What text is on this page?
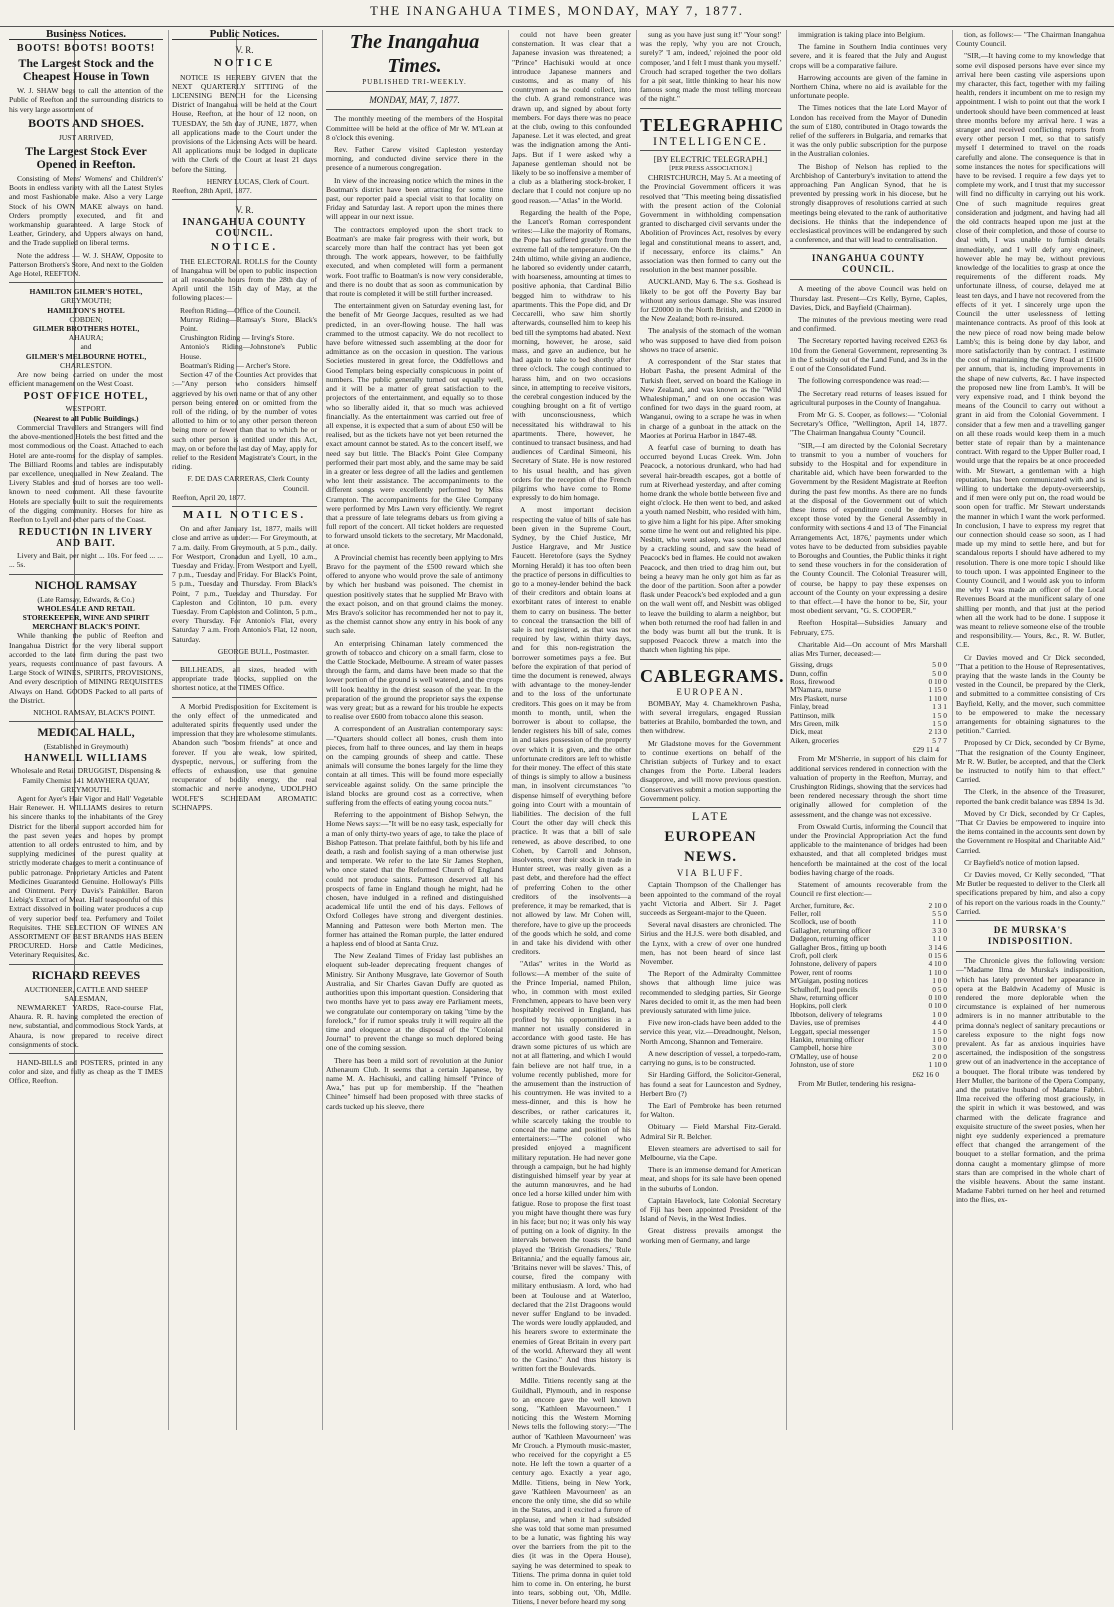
THE INANGAHUA TIMES, MONDAY, MAY 7, 1877.
Business Notices.
BOOTS! BOOTS! BOOTS!
The Largest Stock and the Cheapest House in Town

W. J. SHAW begs to call the attention of the Public of Reefton and the surrounding districts to his very large assortment of

BOOTS AND SHOES.
JUST ARRIVED,
The Largest Stock Ever Opened in Reefton.

Consisting of Mens' Womens' and Children's' Boots in endless variety with all the Latest Styles and most Fashionable make. Also a very Large Stock of his OWN MAKE always on hand. Orders promptly executed, and fit and workmanship guaranteed. A large Stock of Leather, Grindery, and Uppers always on hand, and the Trade supplied on liberal terms.

Note the address — W. J. SHAW, Opposite to Patterson Brothers's Store, And next to the Golden Age Hotel, REEFTON.

HAMILTON GILMER'S HOTEL,
GREYMOUTH;
HAMILTON'S HOTEL
COBDEN;
GILMER BROTHERS HOTEL,
AHAURA;
and
GILMER'S MELBOURNE HOTEL,
CHARLESTON.

Are now being carried on under the most efficient management on the West Coast.

POST OFFICE HOTEL,
WESTPORT.
(Nearest to all Public Buildings.)

Commercial Travellers and Strangers will find the above-mentioned Hotels the best fitted and the most commodious on the Coast. Attached to each Hotel are ante-rooms for the display of samples. The Billiard Rooms and tables are indisputably par excellence, unequalled in New Zealand. The Livery Stables and stud of horses are too well-known to need comment. All these favourite Hotels are specially built to suit the requirements of the digging community. Horses for hire as Reefton to Lyell and other parts of the Coast.

REDUCTION IN LIVERY AND BAIT.

Livery and Bait, per night ... 10s. For feed ... ... ... 5s.

NICHOL RAMSAY
(Late Ramsay, Edwards, & Co.)
WHOLESALE AND RETAIL STOREKEEPER, WINE AND SPIRIT MERCHANT BLACK'S POINT.

While thanking the public of Reefton and Inangahua District for the very liberal support accorded to the late firm during the past two years, requests continuance of past favours. A Large Stock of WINES, SPIRITS, PROVISIONS, And every description of MINING REQUISITES Always on Hand. GOODS Packed to all parts of the District.

NICHOL RAMSAY, BLACK'S POINT.
MEDICAL HALL,
(Established in Greymouth)
HANWELL WILLIAMS
Wholesale and Retail DRUGGIST, Dispensing & Family Chemist 141 MAWHERA QUAY, GREYMOUTH.

Agent for Ayer's Hair Vigor and Hall' Vegetable Hair Renewer. H. WILLIAMS desires to return his sincere thanks to the inhabitants of the Grey District for the liberal support accorded him for the past seven years and hopes by prompt attention to all orders entrusted to him, and by supplying medicines of the purest quality at strictly moderate charges to merit a continuance of public patronage. Proprietary Articles and Patent Medicines Guaranteed Genuine. Holloway's Pills and Ointment. Perry Davis's Painkiller. Baron Liebig's Extract of Meat. Half teaspoonful of this Extract dissolved in boiling water produces a cup of very superior beef tea. Perfumery and Toilet Requisites. THE SELECTION OF WINES AN ASSORTMENT OF BEST BRANDS HAS BEEN PROCURED. Horse and Cattle Medicines, Veterinary Requisites, &c.

RICHARD REEVES
AUCTIONEER, CATTLE AND SHEEP SALESMAN,

NEWMARKET YARDS, Race-course Flat, Ahaura. R. R. having completed the erection of new, substantial, and commodious Stock Yards, at Ahaura, is now prepared to receive direct consignments of stock.

HAND-BILLS and POSTERS, printed in any color and size, and fully as cheap as the T IMES Office, Reefton.

Public Notices.
V. R.
NOTICE

NOTICE IS HEREBY GIVEN that the NEXT QUARTERLY SITTING of the LICENSING BENCH for the Licensing District of Inangahua will be held at the Court House, Reefton, at the hour of 12 noon, on TUESDAY, the 5th day of JUNE, 1877, when all applications made to the Court under the provisions of the Licensing Acts will be heard. All applications must be lodged in duplicate with the Clerk of the Court at least 21 days before the Sitting.

HENRY LUCAS, Clerk of Court.
Reefton, 28th April, 1877.
V. R.
INANGAHUA COUNTY COUNCIL.
NOTICE.

THE ELECTORAL ROLLS for the County of Inangahua will be open to public inspection at all reasonable hours from the 28th day of April until the 15th day of May, at the following places:—

Reefton Riding—Office of the Council.
Murray Riding—Ramsay's Store, Black's Point.
Crushington Riding — Irving's Store.
Antonio's Riding—Johnstone's Public House.
Boatman's Riding — Archer's Store.

Section 47 of the Counties Act provides that :—"Any person who considers himself aggrieved by his own name or that of any other person being entered on or omitted from the roll of the riding, or by the number of votes allotted to him or to any other person thereon being more or fewer than that to which he or such other person is entitled under this Act, may, on or before the last day of May, apply for relief to the Resident Magistrate's Court, in the riding.

F. DE DAS CARRERAS, Clerk County Council.
Reefton, April 20, 1877.
MAIL NOTICES.

On and after January 1st, 1877, mails will close and arrive as under:— For Greymouth, at 7 a.m. daily. From Greymouth, at 5 p.m., daily. For Westport, Cronadun and Lyell, 10 a.m., Tuesday and Friday. From Westport and Lyell, 7 p.m., Tuesday and Friday. For Black's Point, 5 p.m., Tuesday and Thursday. From Black's Point, 7 p.m., Tuesday and Thursday. For Capleston and Colinton, 10 p.m. every Tuesday. From Capleston and Colinton, 5 p.m., every Thursday. For Antonio's Flat, every Saturday 7 a.m. From Antonio's Flat, 12 noon, Saturday.

GEORGE BULL, Postmaster.

BILLHEADS, all sizes, headed with appropriate trade blocks, supplied on the shortest notice, at the TIMES Office.

A Morbid Predisposition for Excitement is the only effect of the unmedicated and adulterated spirits frequently used under the impression that they are wholesome stimulants. Abandon such "bosom friends" at once and forever. If you are weak, low spirited, dyspeptic, nervous, or suffering from the effects of exhaustion, use that genuine recuperator of bodily energy, the real stomachic and nerve anodyne, UDOLPHO WOLFE'S SCHIEDAM AROMATIC SCHNAPPS.

The Inangahua Times.
PUBLISHED TRI-WEEKLY.
MONDAY, MAY, 7, 1877.

The monthly meeting of the members of the Hospital Committee will be held at the office of Mr W. M'Lean at 8 o'clock this evening.

Rev. Father Carew visited Capleston yesterday morning, and conducted divine service there in the presence of a numerous congregation.

In view of the increasing notice which the mines in the Boatman's district have been attracting for some time past, our reporter paid a special visit to that locality on Friday and Saturday last. A report upon the mines there will appear in our next issue.

The contractors employed upon the short track to Boatman's are make fair progress with their work, but scarcely more than half the contract has yet been got through. The work appears, however, to be faithfully executed, and when completed will form a permanent work. Foot traffic to Boatman's is now very considerable, and there is no doubt that as soon as communication by that route is completed it will be still further increased.

The entertainment given on Saturday evening last, for the benefit of Mr George Jacques, resulted as we had predicted, in an over-flowing house. The hall was crammed to the utmost capacity. We do not recollect to have before witnessed such assembling at the door for admittance as on the occasion in question. The various Societies mustered in great force, the Oddfellows and Good Templars being especially conspicuous in point of numbers. The public generally turned out equally well, and it will be a matter of great satisfaction to the projectors of the entertainment, and equally so to those who so liberally aided it, that so much was achieved financially. As the entertainment was carried out free of all expense, it is expected that a sum of about £50 will be realised, but as the tickets have not yet been returned the exact amount cannot be stated. As to the concert itself, we need say but little. The Black's Point Glee Company performed their part most ably, and the same may be said in a greater or less degree of all the ladies and gentlemen who lent their assistance. The accompaniments to the different songs were excellently performed by Miss Crampton. The accompaniments for the Glee Company were performed by Mrs Lawn very efficiently. We regret that a pressure of late telegrams debars us from giving a full report of the concert. All ticket holders are requested to forward unsold tickets to the secretary, Mr Macdonald, at once.

A Provincial chemist has recently been applying to Mrs Bravo for the payment of the £500 reward which she offered to anyone who would prove the sale of antimony by which her husband was poisoned. The chemist in question positively states that he supplied Mr Bravo with the exact poison, and on that ground claims the money. Mrs Bravo's solicitor has recommended her not to pay it, as the chemist cannot show any entry in his book of any such sale.

An enterprising Chinaman lately commenced the growth of tobacco and chicory on a small farm, close to the Cattle Stockade, Melbourne. A stream of water passes through the farm, and dams have been made so that the lower portion of the ground is well watered, and the crops will look healthy in the driest season of the year. In the preparation of the ground the proprietor says the expense was very great; but as a reward for his trouble he expects to realise over £600 from tobacco alone this season.

A correspondent of an Australian contemporary says:—"Quarters should collect all bones, crush them into pieces, from half to three ounces, and lay them in heaps on the camping grounds of sheep and cattle. These animals will consume the bones largely for the lime they contain at all times. This will be found more especially serviceable against solidy. On the same principle the island blocks are ground cost as a corrective, when suffering from the effects of eating young cocoa nuts."

Referring to the appointment of Bishop Selwyn, the Home News says:—"It will be no easy task, especially for a man of only thirty-two years of age, to take the place of Bishop Patteson. That prelate faithful, both by his life and death, a rash and foolish saying of a man otherwise just and temperate. We refer to the late Sir James Stephen, who once stated that the Reformed Church of England could not produce saints. Patteson deserved all his prospects of fame in England though he might, had he chosen, have indulged in a refined and distinguished academical life until the end of his days. Fellows of Oxford Colleges have strong and divergent destinies. Manning and Patteson were both Merton men. The former has attained the Roman purple, the latter endured a hapless end of blood at Santa Cruz.

The New Zealand Times of Friday last publishes an eloquent sub-leader deprecating frequent changes of Ministry. Sir Anthony Musgrave, late Governor of South Australia, and Sir Charles Gavan Duffy are quoted as authorities upon this important question. Considering that two months have yet to pass away ere Parliament meets, we congratulate our contemporary on taking "time by the forelock," for if rumor speaks truly it will require all the time and eloquence at the disposal of the "Colonial Journal" to prevent the change so much deplored being one of the coming session.

There has been a mild sort of revolution at the Junior Athenæum Club. It seems that a certain Japanese, by name M. A. Hachisuki, and calling himself "Prince of Awa," has put up for membership. If the "heathen Chinee" himself had been proposed with three stacks of cards tucked up his sleeve, there

could not have been greater consternation. It was clear that a Japanese invasion was threatened; a "Prince" Hachisuki would at once introduce Japanese manners and customs, and as many of his countrymen as he could collect, into the club. A grand remonstrance was drawn up, and signed by about forty members. For days there was no peace at the club, owing to this confounded Japanese. Let it was elected, and great was the indignation among the Anti-Japs. But if I were asked why a Japanese gentleman should not be likely to be so inoffensive a member of a club as a blathering stock-broker, I declare that I could not conjure up no good reason.—"Atlas" in the World.

Regarding the health of the Pope, the Lancet's Roman correspondent writes:—Like the majority of Romans, the Pope has suffered greatly from the extreme fall of the temperature. On the 24th ultimo, while giving an audience, he labored so evidently under catarrh, with hoarseness, amounting at times to positive aphonia, that Cardinal Bilio begged him to withdraw to his apartments. This the Pope did, and Dr Ceccarelli, who saw him shortly afterwards, counselled him to keep his bed till the symptoms had abated. Next morning, however, he arose, said mass, and gave an audience, but he had again to take to bed shortly after three o'clock. The cough continued to harass him, and on two occasions since, in attempting to receive visitors, the cerebral congestion induced by the coughing brought on a fit of vertigo with unconsciousness, which necessitated his withdrawal to his apartments. There, however, he continued to transact business, and had audiences of Cardinal Simeoni, his Secretary of State. He is now restored to his usual health, and has given orders for the reception of the French pilgrims who have come to Rome expressly to do him homage.

A most important decision respecting the value of bills of sale has been given in the Supreme Court, Sydney, by the Chief Justice, Mr Justice Hargrave, and Mr Justice Faucett. Heretofore (says the Sydney Morning Herald) it has too often been the practice of persons in difficulties to go to a money-lender behind the back of their creditors and obtain loans at exorbitant rates of interest to enable them to carry on business. The better to conceal the transaction the bill of sale is not registered, as that was not required by law, within thirty days, and for this non-registration the borrower sometimes pays a fee. But before the expiration of that period of time the document is renewed, always with advantage to the money-lender and to the loss of the unfortunate creditors. This goes on it may be from month to month, until, when the borrower is about to collapse, the lender registers his bill of sale, comes in and takes possession of the property over which it is given, and the other unfortunate creditors are left to whistle for their money. The effect of this state of things is simply to allow a business man, in insolvent circumstances "to dispense himself of everything before going into Court with a mountain of liabilities. The decision of the full Court the other day will check this practice. It was that a bill of sale renewed, as above described, to one Cohen, by Carroll and Johnson, insolvents, over their stock in trade in Hunter street, was really given as a past debt, and therefore had the effect of preferring Cohen to the other creditors of the insolvents—a preference, it may be remarked, that is not allowed by law. Mr Cohen will, therefore, have to give up the proceeds of the goods which he sold, and come in and take his dividend with other creditors.

"Atlas" writes in the World as follows:—A member of the suite of the Prince Imperial, named Philon, who, in common with most exiled Frenchmen, appears to have been very hospitably received in England, has profited by his opportunities in a manner not usually considered in accordance with good taste. He has drawn some pictures of us which are not at all flattering, and which I would fain believe are not half true, in a volume recently published, more for the amusement than the instruction of his countrymen. He was invited to a mess-dinner, and this is how he describes, or rather caricatures it, while scarcely taking the trouble to conceal the name and position of his entertainers:—"The colonel who presided enjoyed a magnificent military reputation. He had never gone through a campaign, but he had highly distinguished himself year by year at the autumn manœuvres, and he had once led a horse killed under him with fatigue. Rose to propose the first toast you might have thought there was fury in his face; but no; it was only his way of putting on a look of dignity. In the intervals between the toasts the band played the 'British Grenadiers,' 'Rule Britannia,' and the equally famous air, 'Britains never will be slaves.' This, of course, fired the company with military enthusiasm. A lord, who had been at Toulouse and at Waterloo, declared that the 21st Dragoons would never suffer England to be invaded. The words were loudly applauded, and his hearers swore to exterminate the enemies of Great Britain in every part of the world. Afterward they all went to the Casino." And thus history is written fort the Boulevards.

Mdlle. Titiens recently sang at the Guildhall, Plymouth, and in response to an encore gave the well known song, "Kathleen Mavourneen." I noticing this the Western Morning News tells the following story:—"The author of 'Kathleen Mavourneen' was Mr Crouch. a Plymouth music-master, who received for the copyright a £5 note. He left the town a quarter of a century ago. Exactly a year ago, Mdlle. Titiens, being in New York, gave 'Kathleen Mavourneen' as an encore the only time, she did so while in the States, and it excited a furore of applause, and when it had subsided she was told that some man presumed to be a lunatic, was fighting his way over the barriers from the pit to the dies (it was in the Opera House), saying he was determined to speak to Titiens. The prima donna in quiet told him to come in. On entering, he burst into tears, sobbing out, 'Oh, Mdlle. Titiens, I never before heard my song

sung as you have just sung it!' 'Your song!' was the reply, 'why you are not Crouch, surely?' 'I am, indeed,' rejoined the poor old composer, 'and I felt I must thank you myself.' Crouch had scraped together the two dollars for a pit seat, little thinking to hear his now famous song made the most telling morceau of the night."

TELEGRAPHIC
INTELLIGENCE.
[BY ELECTRIC TELEGRAPH.]
[PER PRESS ASSOCIATION.]

CHRISTCHURCH, May 5. At a meeting of the Provincial Government officers it was resolved that "This meeting being dissatisfied with the present action of the Colonial Government in withholding compensation granted to discharged civil servants under the Abolition of Provinces Act, resolves by every legal and constitutional means to assert, and, if necessary, enforce its claims." An association was then formed to carry out the resolution in the best manner possible.

AUCKLAND, May 6. The s.s. Goshead is likely to be got off the Poverty Bay bar without any serious damage. She was insured for £20000 in the North British, and £2000 in the New Zealand; both re-insured.

The analysis of the stomach of the woman who was supposed to have died from poison shows no trace of arsenic.

A correspondent of the Star states that Hobart Pasha, the present Admiral of the Turkish fleet, served on board the Kalioge in New Zealand, and was known as the "Wild Whaleshipman," and on one occasion was confined for two days in the guard room, at Wanganui, owing to a scrape he was in when in charge of a gunboat in the attack on the Maories at Porirua Harbor in 1847-48.

A fearful case of burning to death has occurred beyond Lucas Creek. Wm. John Peacock, a notorious drunkard, who had had several hair-breadth escapes, got a bottle of rum at Riverhead yesterday, and after coming home drank the whole bottle between five and eight o'clock. He then went to bed, and asked a youth named Nesbitt, who resided with him, to give him a light for his pipe. After smoking some time he went out and relighted his pipe. Nesbitt, who went asleep, was soon wakened by a crackling sound, and saw the head of Peacock's bed in flames. He could not awaken Peacock, and then tried to drag him out, but being a heavy man he only got him as far as the door of the partition. Soon after a powder flask under Peacock's bed exploded and a gun on the wall went off, and Nesbitt was obliged to leave the building to alarm a neighbor, but when both returned the roof had fallen in and the body was burnt all but the trunk. It is supposed Peacock threw a match into the thatch when lighting his pipe.

CABLEGRAMS.
EUROPEAN.

BOMBAY, May 4. Chamekhrown Pasha, with several irregulars, engaged Russian batteries at Brahilo, bombarded the town, and then withdrew.

Mr Gladstone moves for the Government to continue exertions on behalf of the Christian subjects of Turkey and to exact changes from the Porte. Liberal leaders disapprove, and will move previous question. Conservatives submit a motion supporting the Government policy.

LATE
EUROPEAN NEWS.
VIA BLUFF.

Captain Thompson of the Challenger has been appointed to the command of the royal yacht Victoria and Albert. Sir J. Paget succeeds as Sergeant-major to the Queen.

Several naval disasters are chronicled. The Sirius and the H.J.S. were both disabled, and the Lynx, with a crew of over one hundred men, has not been heard of since last November.

The Report of the Admiralty Committee shows that although lime juice was recommended to sledging parties, Sir George Nares decided to omit it, as the men had been previously saturated with lime juice.

Five new iron-clads have been added to the service this year, viz.—Dreadnought, Nelson, North Amcong, Shannon and Temeraire.

A new description of vessel, a torpedo-ram, carrying no guns, is to be constructed.

Sir Harding Gifford, the Solicitor-General, has found a seat for Launceston and Sydney, Herbert Bro (?)

The Earl of Pembroke has been returned for Walton.

Obituary — Field Marshal Fitz-Gerald. Admiral Sir R. Belcher.

Eleven steamers are advertised to sail for Melbourne, via the Cape.

There is an immense demand for American meat, and shops for its sale have been opened in the suburbs of London.

Captain Havelock, late Colonial Secretary of Fiji has been appointed President of the Island of Nevis, in the West Indies.

Great distress prevails amongst the working men of Germany, and large

immigration is taking place into Belgium.

The famine in Southern India continues very severe, and it is feared that the July and August crops will be a comparative failure.

Harrowing accounts are given of the famine in Northern China, where no aid is available for the unfortunate people.

The Times notices that the late Lord Mayor of London has received from the Mayor of Dunedin the sum of £180, contributed in Otago towards the relief of the sufferers in Bulgaria, and remarks that it was the only public subscription for the purpose in the Australian colonies.

The Bishop of Nelson has replied to the Archbishop of Canterbury's invitation to attend the approaching Pan Anglican Synod, that he is prevented by pressing work in his diocese, but he strongly disapproves of resolutions carried at such meetings being elevated to the rank of authoritative decisions. He thinks that the independence of ecclesiastical provinces will be endangered by such a conference, and that will lead to centralisation.

INANGAHUA COUNTY COUNCIL.

A meeting of the above Council was held on Thursday last. Present—Crs Kelly, Byrne, Caples, Davies, Dick, and Bayfield (Chairman).

The minutes of the previous meeting were read and confirmed.

The Secretary reported having received £263 6s 10d from the General Government, representing 3s in the £ subsidy out of the Land Fund, and 3s in the £ out of the Consolidated Fund.

The following correspondence was read:—

The Secretary read returns of leases issued for agricultural purposes in the County of Inangahua.

From Mr G. S. Cooper, as follows:— "Colonial Secretary's Office, "Wellington, April 14, 1877. "The Chairman Inangahua County "Council.

"SIR,—I am directed by the Colonial Secretary to transmit to you a number of vouchers for subsidy to the Hospital and for expenditure in charitable aid, which have been forwarded to the Government by the Resident Magistrate at Reefton during the past few months. As there are no funds at the disposal of the Government out of which these items of expenditure could be defrayed, except those voted by the General Assembly in conformity with sections 4 and 13 of 'The Financial Arrangements Act, 1876,' payments under which votes have to be deducted from subsidies payable to Boroughs and Counties, the Public thinks it right to send these vouchers in for the consideration of the County Council. The Colonial Treasurer will, of course, be happy to pay these expenses on account of the County on your expressing a desire to that effect.—I have the honor to be, Sir, your most obedient servant, "G. S. COOPER."

Reefton Hospital—Subsidies January and February, £75.

Charitable Aid—On account of Mrs Marshall alias Mrs Turner, deceased:—

Gissing, drugs	5 0 0
Dunn, coffin	5 0 0
Ross, firewood	0 10 0
M'Namara, nurse	1 15 0
Mrs Plaskett, nurse	1 10 0
Finlay, bread	1 3 1
Pattinson, milk	1 5 0
Mrs Green, milk	1 5 0
Dick, meat	2 13 0
Aiken, groceries	5 7 7
£29 11 4

From Mr M'Sherrie, in support of his claim for additional services rendered in connection with the valuation of property in the Reefton, Murray, and Crushington Ridings, showing that the services had been rendered necessary through the short time originally allowed for completion of the assessment, and the change was not excessive.

From Oswald Curtis, informing the Council that under the Provincial Appropriation Act the fund applicable to the maintenance of bridges had been exhausted, and that all completed bridges must henceforth be maintained at the cost of the local bodies having charge of the roads.

Statement of amounts recoverable from the Council re first election:—

Archer, furniture, &c.	2 10 0
Feller, roll	5 5 0
Scollock, use of booth	1 1 0
Gallagher, returning officer	3 3 0
Dudgeon, returning officer	1 1 0
Gallagher Bros., fitting up booth	3 14 6
Croft, poll clerk	0 15 6
Johnstone, delivery of papers	4 10 0
Power, rent of rooms	1 10 0
M'Guigan, posting notices	1 0 0
Schulhoff, lead pencils	0 5 0
Shaw, returning officer	0 10 0
Hopkins, poll clerk	0 10 0
Ibbotson, delivery of telegrams	1 0 0
Davies, use of premises	4 4 0
Leggatt, special messenger	1 5 0
Hankin, returning officer	1 0 0
Campbell, horse hire	3 0 0
O'Malley, use of house	2 0 0
Johnston, use of store	1 10 0
£62 16 0

From Mr Butler, tendering his resigna-

tion, as follows:— "The Chairman Inangahua County Council.

"SIR,—It having come to my knowledge that some evil disposed persons have ever since my arrival here been casting vile aspersions upon my character, this fact, together with my failing health, renders it incumbent on me to resign my appointment. I wish to point out that the work I undertook should have been commenced at least three months before my arrival here. I was a stranger and received conflicting reports from every other person I met, so that to satisfy myself I determined to travel on the roads carefully and alone. The consequence is that in some instances the notes for specifications will have to be revised. I require a few days yet to complete my work, and I trust that my successor will find no difficulty in carrying out his work. One of such magnitude requires great consideration and judgment, and having had all the old contracts heaped upon me just at the close of their completion, and those of course to deal with, I was unable to furnish details immediately, and I will defy any engineer, however able he may be, without previous knowledge of the localities to grasp at once the requirements of the different roads. My unfortunate illness, of course, delayed me at least ten days, and I have not recovered from the effects of it yet. I sincerely urge upon the Council the utter uselessness of letting maintenance contracts. As proof of this look at the new piece of road now being made below Lamb's; this is being done by day labor, and more satisfactorily than by contract. I estimate the cost of maintaining the Grey Road at £1600 per annum, that is, including improvements in the shape of new culverts, &c. I have inspected the proposed new line from Lamb's. It will be very expensive road, and I think beyond the means of the Council to carry out without a grant in aid from the Colonial Government. I consider that a few men and a travelling ganger on all these roads would keep them in a much better state of repair than by a maintenance contract. With regard to the Upper Buller road, I would urge that the repairs be at once proceeded with. Mr Stewart, a gentleman with a high reputation, has been communicated with and is willing to undertake the deputy-overseership, and if men were only put on, the road would be soon open for traffic. Mr Stewart understands the manner in which I want the work performed. In conclusion, I have to express my regret that our connection should cease so soon, as I had made up my mind to settle here, and but for scandalous reports I should have adhered to my resolution. There is one more topic I should like to touch upon. I was appointed Engineer to the County Council, and I would ask you to inform me why I was made an officer of the Local Revenues Board at the munificent salary of one shilling per month, and that just at the period when all the work had to be done. I suppose it was meant to relieve someone else of the trouble and responsibility.— Yours, &c., R. W. Butler, C.E.

Cr Davies moved and Cr Dick seconded, "That a petition to the House of Representatives, praying that the waste lands in the County be vested in the Council, be prepared by the Clerk, and submitted to a committee consisting of Crs Bayfield, Kelly, and the mover, such committee to be empowered to make the necessary arrangements for obtaining signatures to the petition." Carried.

Proposed by Cr Dick, seconded by Cr Byrne, "That the resignation of the County Engineer, Mr R. W. Butler, be accepted, and that the Clerk be instructed to notify him to that effect." Carried.

The Clerk, in the absence of the Treasurer, reported the bank credit balance was £894 1s 3d.

Moved by Cr Dick, seconded by Cr Caples, "That Cr Davies be empowered to inquire into the items contained in the accounts sent down by the Government re Hospital and Charitable Aid." Carried.

Cr Bayfield's notice of motion lapsed.

Cr Davies moved, Cr Kelly seconded, "That Mr Butler be requested to deliver to the Clerk all specifications prepared by him, and also a copy of his report on the various roads in the County." Carried.

DE MURSKA'S INDISPOSITION.

The Chronicle gives the following version:—"Madame Ilma de Murska's indisposition, which has lately prevented her appearance in opera at the Baldwin Academy of Music is rendered the more deplorable when the circumstance is explained of her numerous admirers is in no manner attributable to the prima donna's neglect of sanitary precautions or careless exposure to the night fogs now prevalent. As far as anxious inquiries have ascertained, the indisposition of the songstress grew out of an inadvertence in the acceptance of a bouquet. The floral tribute was tendered by Herr Muller, the baritone of the Opera Company, and the putative husband of Madame Fabbri. Ilma received the offering most graciously, in the spirit in which it was bestowed, and was charmed with the delicate fragrance and exquisite structure of the sweet posies, when her night eye suddenly experienced a premature effect that changed the arrangement of the bouquet to a stellar formation, and the prima donna caught a momentary glimpse of more stars than are comprised in the whole chart of the visible heavens. About the same instant. Madame Fabbri turned on her heel and returned into the flies, ex-
